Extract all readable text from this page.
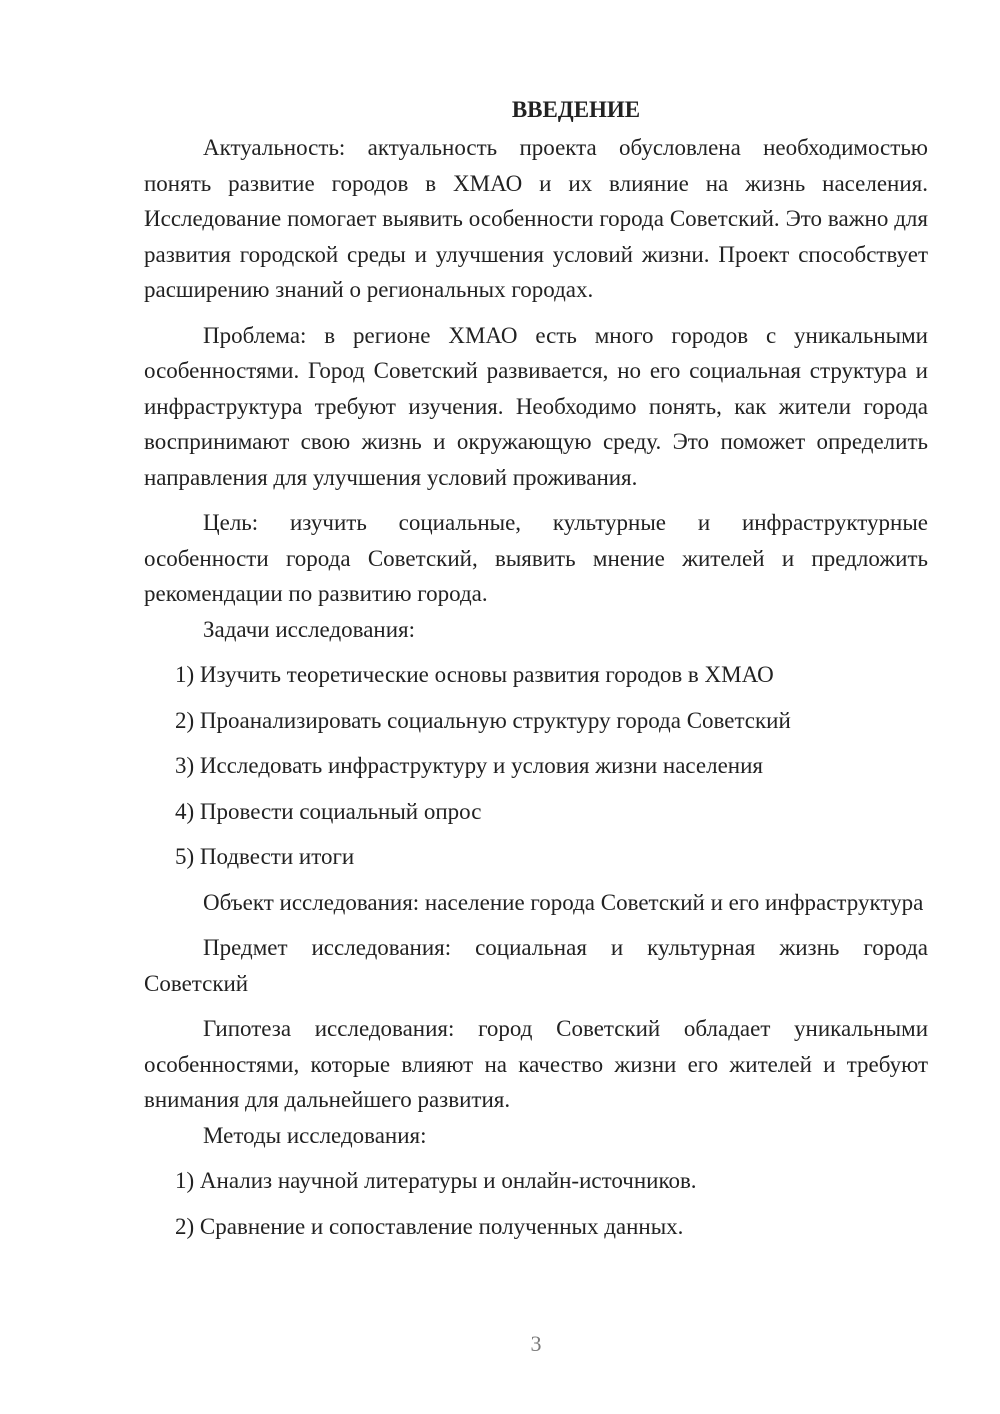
ВВЕДЕНИЕ

Актуальность: актуальность проекта обусловлена необходимостью понять развитие городов в ХМАО и их влияние на жизнь населения. Исследование помогает выявить особенности города Советский. Это важно для развития городской среды и улучшения условий жизни. Проект способствует расширению знаний о региональных городах.

Проблема: в регионе ХМАО есть много городов с уникальными особенностями. Город Советский развивается, но его социальная структура и инфраструктура требуют изучения. Необходимо понять, как жители города воспринимают свою жизнь и окружающую среду. Это поможет определить направления для улучшения условий проживания.

Цель: изучить социальные, культурные и инфраструктурные особенности города Советский, выявить мнение жителей и предложить рекомендации по развитию города.

Задачи исследования:

1) Изучить теоретические основы развития городов в ХМАО

2) Проанализировать социальную структуру города Советский

3) Исследовать инфраструктуру и условия жизни населения

4) Провести социальный опрос

5) Подвести итоги

Объект исследования: население города Советский и его инфраструктура

Предмет исследования: социальная и культурная жизнь города Советский

Гипотеза исследования: город Советский обладает уникальными особенностями, которые влияют на качество жизни его жителей и требуют внимания для дальнейшего развития.

Методы исследования:

1) Анализ научной литературы и онлайн-источников.

2) Сравнение и сопоставление полученных данных.

3
